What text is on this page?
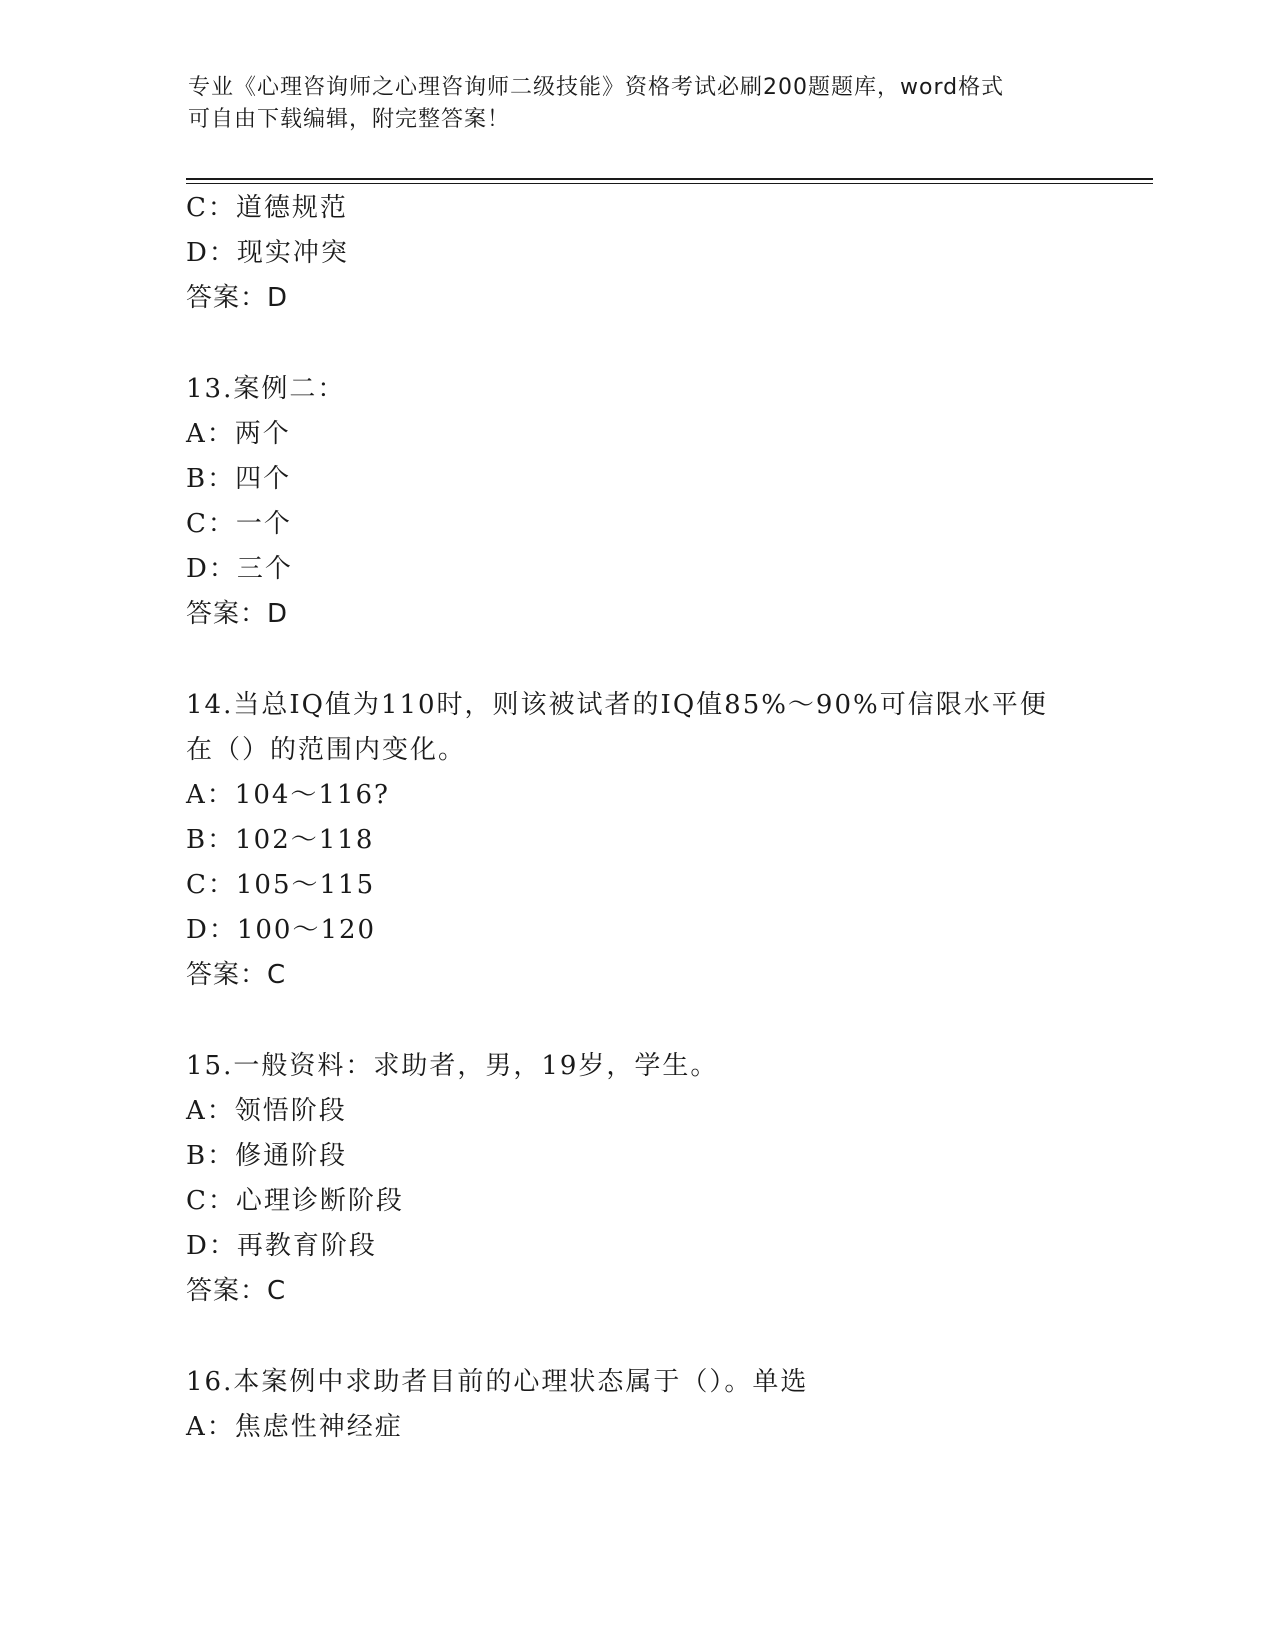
专业《心理咨询师之心理咨询师二级技能》资格考试必刷200题题库，word格式
可自由下载编辑，附完整答案！
C：道德规范
D：现实冲突
答案：D
13.案例二：
A：两个
B：四个
C：一个
D：三个
答案：D
14.当总IQ值为110时，则该被试者的IQ值85%～90%可信限水平便
在（）的范围内变化。
A：104～116?
B：102～118
C：105～115
D：100～120
答案：C
15.一般资料：求助者，男，19岁，学生。
A：领悟阶段
B：修通阶段
C：心理诊断阶段
D：再教育阶段
答案：C
16.本案例中求助者目前的心理状态属于（）。单选
A：焦虑性神经症
